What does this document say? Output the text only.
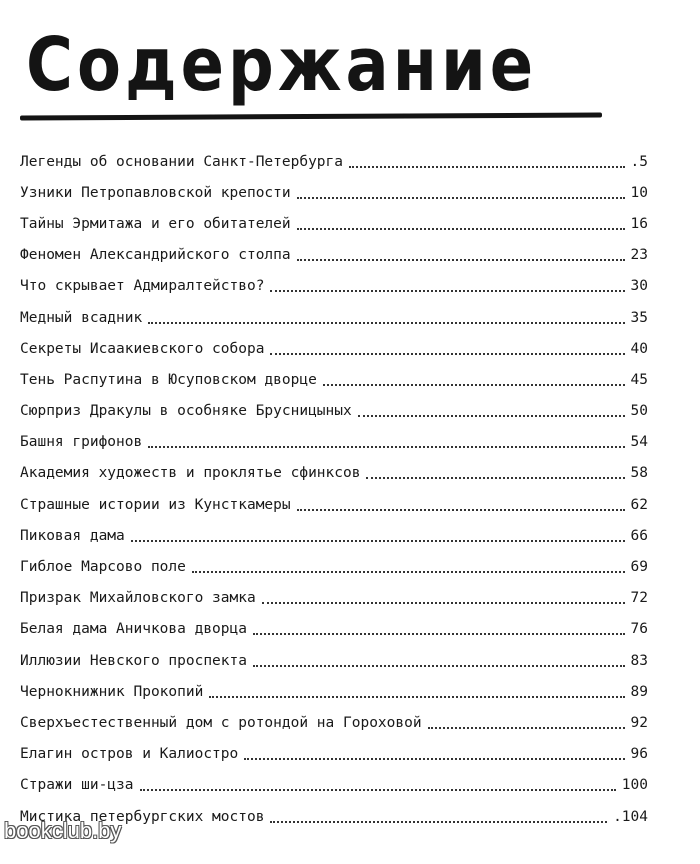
Содержание
Легенды об основании Санкт-Петербурга	.5
Узники Петропавловской крепости	10
Тайны Эрмитажа и его обитателей	16
Феномен Александрийского столпа	23
Что скрывает Адмиралтейство?	30
Медный всадник	35
Секреты Исаакиевского собора	40
Тень Распутина в Юсуповском дворце	45
Сюрприз Дракулы в особняке Брусницыных	50
Башня грифонов	54
Академия художеств и проклятье сфинксов	58
Страшные истории из Кунсткамеры	62
Пиковая дама	66
Гиблое Марсово поле	69
Призрак Михайловского замка	72
Белая дама Аничкова дворца	76
Иллюзии Невского проспекта	83
Чернокнижник Прокопий	89
Сверхъестественный дом с ротондой на Гороховой	92
Елагин остров и Калиостро	96
Стражи ши-цза	100
Мистика петербургских мостов	.104
bookclub.by
